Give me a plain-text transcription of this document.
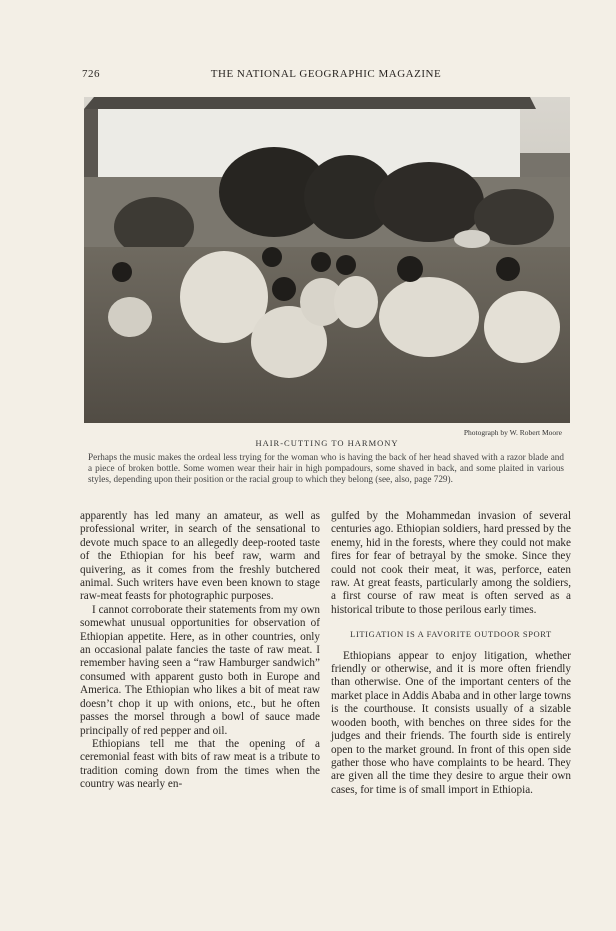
726	THE NATIONAL GEOGRAPHIC MAGAZINE
Photograph by W. Robert Moore
HAIR-CUTTING TO HARMONY
Perhaps the music makes the ordeal less trying for the woman who is having the back of her head shaved with a razor blade and a piece of broken bottle. Some women wear their hair in high pompadours, some shaved in back, and some plaited in various styles, depending upon their position or the racial group to which they belong (see, also, page 729).

apparently has led many an amateur, as well as professional writer, in search of the sensational to devote much space to an allegedly deep-rooted taste of the Ethiopian for his beef raw, warm and quivering, as it comes from the freshly butchered animal. Such writers have even been known to stage raw-meat feasts for photographic purposes.

I cannot corroborate their statements from my own somewhat unusual opportunities for observation of Ethiopian appetite. Here, as in other countries, only an occasional palate fancies the taste of raw meat. I remember having seen a “raw Hamburger sandwich” consumed with apparent gusto both in Europe and America. The Ethiopian who likes a bit of meat raw doesn’t chop it up with onions, etc., but he often passes the morsel through a bowl of sauce made principally of red pepper and oil.

Ethiopians tell me that the opening of a ceremonial feast with bits of raw meat is a tribute to tradition coming down from the times when the country was nearly en-

gulfed by the Mohammedan invasion of several centuries ago. Ethiopian soldiers, hard pressed by the enemy, hid in the forests, where they could not make fires for fear of betrayal by the smoke. Since they could not cook their meat, it was, perforce, eaten raw. At great feasts, particularly among the soldiers, a first course of raw meat is often served as a historical tribute to those perilous early times.

LITIGATION IS A FAVORITE OUTDOOR SPORT

Ethiopians appear to enjoy litigation, whether friendly or otherwise, and it is more often friendly than otherwise. One of the important centers of the market place in Addis Ababa and in other large towns is the courthouse. It consists usually of a sizable wooden booth, with benches on three sides for the judges and their friends. The fourth side is entirely open to the market ground. In front of this open side gather those who have complaints to be heard. They are given all the time they desire to argue their own cases, for time is of small import in Ethiopia.
